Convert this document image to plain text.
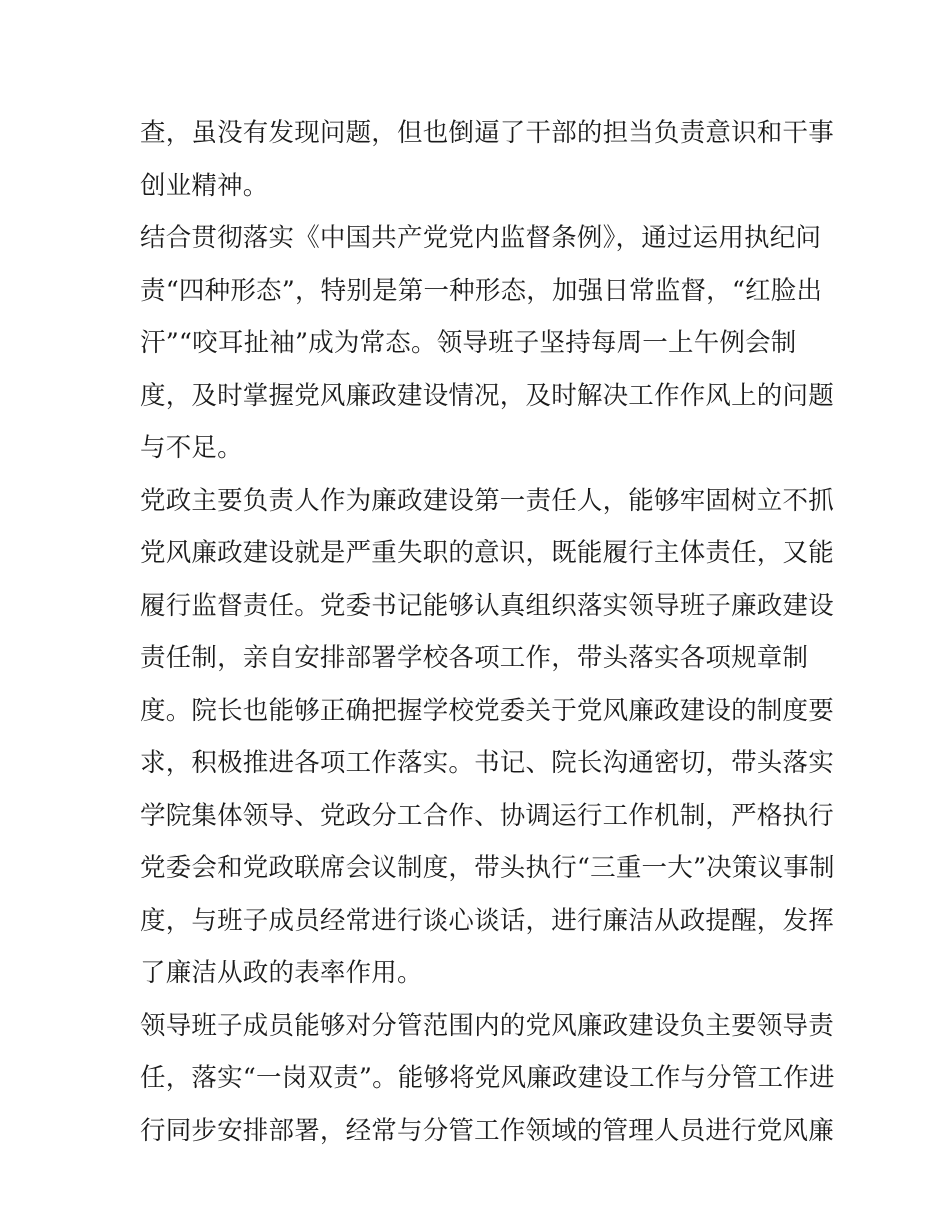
查，虽没有发现问题，但也倒逼了干部的担当负责意识和干事
创业精神。
结合贯彻落实《中国共产党党内监督条例》，通过运用执纪问
责“四种形态”，特别是第一种形态，加强日常监督，“红脸出
汗”“咬耳扯袖”成为常态。领导班子坚持每周一上午例会制
度，及时掌握党风廉政建设情况，及时解决工作作风上的问题
与不足。
党政主要负责人作为廉政建设第一责任人，能够牢固树立不抓
党风廉政建设就是严重失职的意识，既能履行主体责任，又能
履行监督责任。党委书记能够认真组织落实领导班子廉政建设
责任制，亲自安排部署学校各项工作，带头落实各项规章制
度。院长也能够正确把握学校党委关于党风廉政建设的制度要
求，积极推进各项工作落实。书记、院长沟通密切，带头落实
学院集体领导、党政分工合作、协调运行工作机制，严格执行
党委会和党政联席会议制度，带头执行“三重一大”决策议事制
度，与班子成员经常进行谈心谈话，进行廉洁从政提醒，发挥
了廉洁从政的表率作用。
领导班子成员能够对分管范围内的党风廉政建设负主要领导责
任，落实“一岗双责”。能够将党风廉政建设工作与分管工作进
行同步安排部署，经常与分管工作领域的管理人员进行党风廉
